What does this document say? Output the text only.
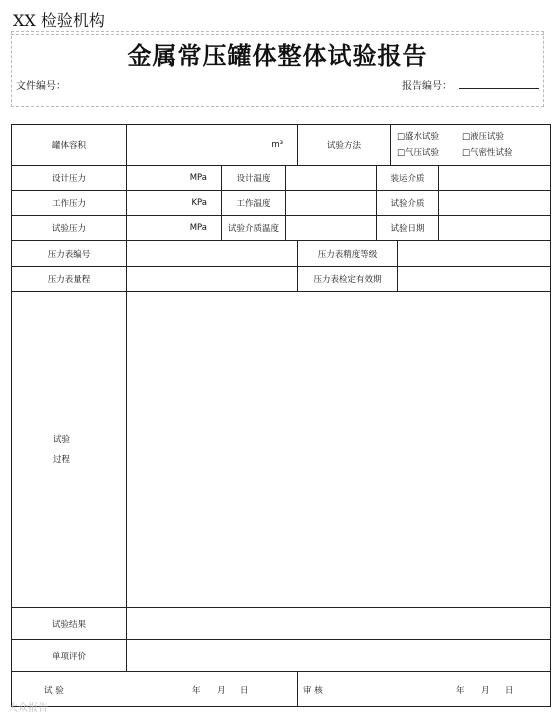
XX 检验机构
金属常压罐体整体试验报告
文件编号：	报告编号：
罐体容积	m³			试验方法		□盛水试验 □液压试验
□气压试验 □气密性试验		
设计压力	MPa	设计温度			装运介质			
工作压力	KPa	工作温度			试验介质			
试验压力	MPa	试验介质温度			试验日期			
压力表编号				压力表精度等级				
压力表量程				压力表检定有效期				

试验
过程								

试验结果								
单项评价								

试 验 年 月 日				审 核 年 月 日				
大众报告
